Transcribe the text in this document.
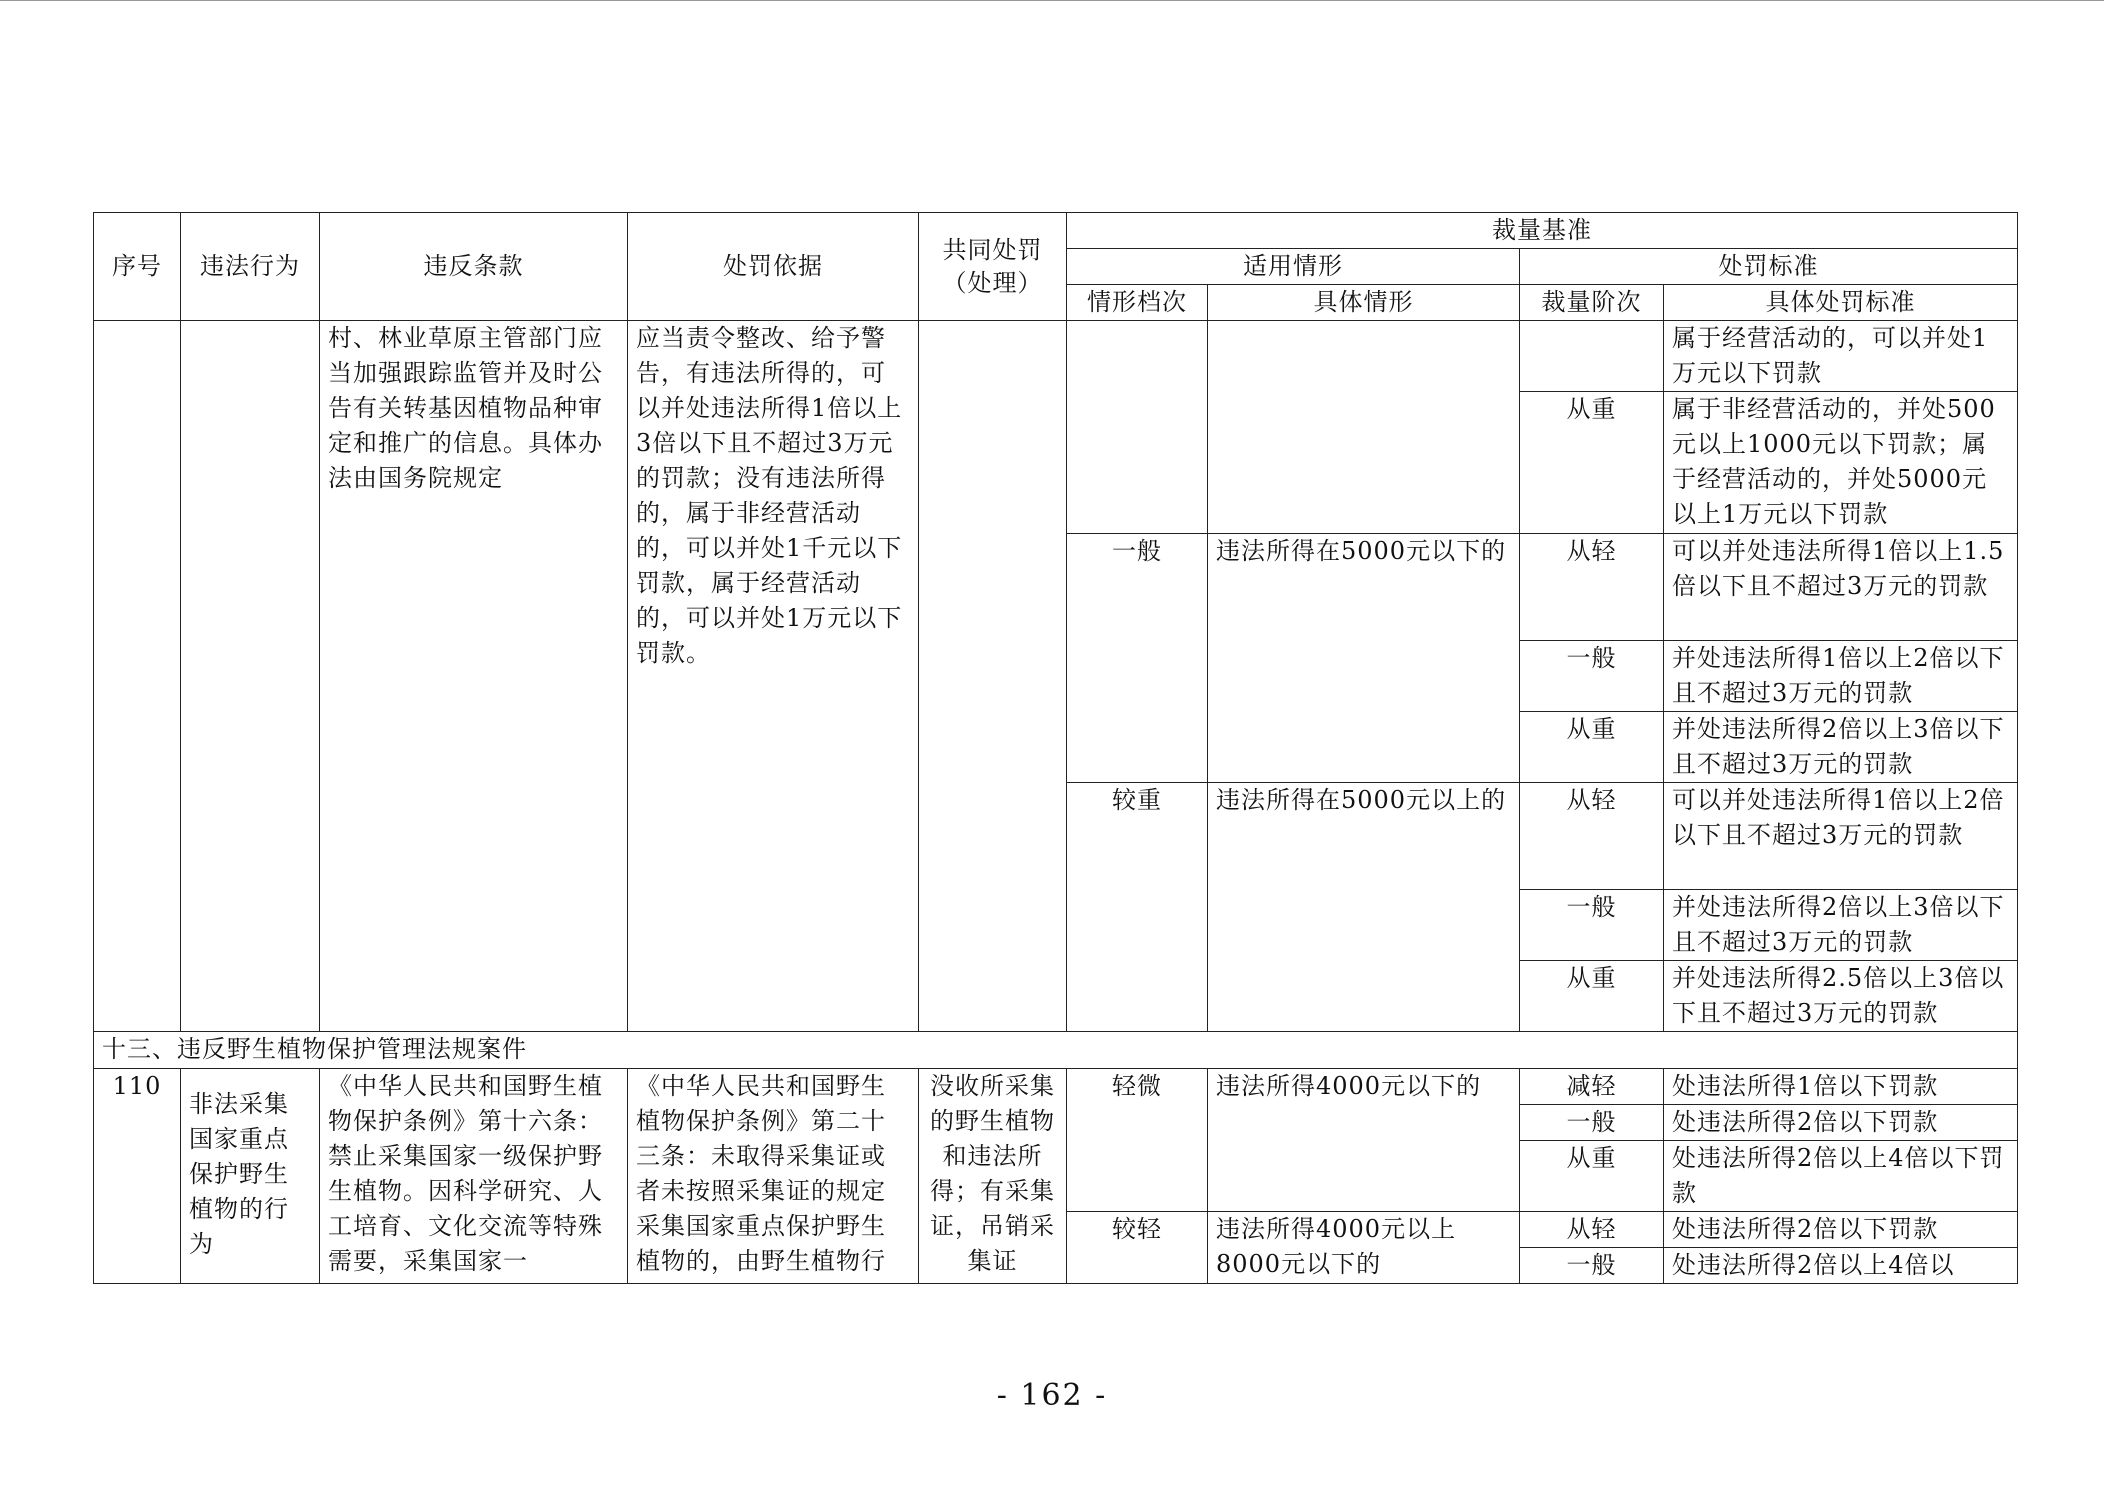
序号	违法行为	违反条款	处罚依据	共同处罚（处理）	裁量基准			
					适用情形		处罚标准	
					情形档次	具体情形	裁量阶次	具体处罚标准
		村、林业草原主管部门应当加强跟踪监管并及时公告有关转基因植物品种审定和推广的信息。具体办法由国务院规定	应当责令整改、给予警告，有违法所得的，可以并处违法所得1倍以上3倍以下且不超过3万元的罚款；没有违法所得的，属于非经营活动的，可以并处1千元以下罚款，属于经营活动的，可以并处1万元以下罚款。					属于经营活动的，可以并处1万元以下罚款
							从重	属于非经营活动的，并处500元以上1000元以下罚款；属于经营活动的，并处5000元以上1万元以下罚款
					一般	违法所得在5000元以下的	从轻	可以并处违法所得1倍以上1.5倍以下且不超过3万元的罚款
							一般	并处违法所得1倍以上2倍以下且不超过3万元的罚款
							从重	并处违法所得2倍以上3倍以下且不超过3万元的罚款
					较重	违法所得在5000元以上的	从轻	可以并处违法所得1倍以上2倍以下且不超过3万元的罚款
							一般	并处违法所得2倍以上3倍以下且不超过3万元的罚款
							从重	并处违法所得2.5倍以上3倍以下且不超过3万元的罚款
十三、违反野生植物保护管理法规案件								
110	非法采集国家重点保护野生植物的行为	《中华人民共和国野生植物保护条例》第十六条：禁止采集国家一级保护野生植物。因科学研究、人工培育、文化交流等特殊需要，采集国家一	《中华人民共和国野生植物保护条例》第二十三条：未取得采集证或者未按照采集证的规定采集国家重点保护野生植物的，由野生植物行	没收所采集的野生植物和违法所得；有采集证，吊销采集证	轻微	违法所得4000元以下的	减轻	处违法所得1倍以下罚款
							一般	处违法所得2倍以下罚款
							从重	处违法所得2倍以上4倍以下罚款
					较轻	违法所得4000元以上8000元以下的	从轻	处违法所得2倍以下罚款
							一般	处违法所得2倍以上4倍以
- 162 -
